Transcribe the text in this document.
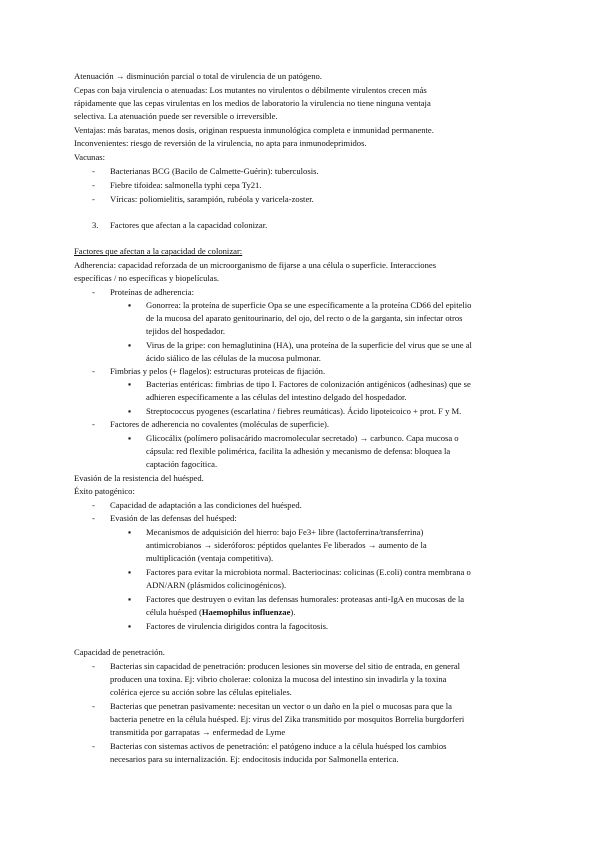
Atenuación → disminución parcial o total de virulencia de un patógeno.
Cepas con baja virulencia o atenuadas: Los mutantes no virulentos o débilmente virulentos crecen más
rápidamente que las cepas virulentas en los medios de laboratorio la virulencia no tiene ninguna ventaja
selectiva. La atenuación puede ser reversible o irreversible.
Ventajas: más baratas, menos dosis, originan respuesta inmunológica completa e inmunidad permanente.
Inconvenientes: riesgo de reversión de la virulencia, no apta para inmunodeprimidos.
Vacunas:
- Bacterianas BCG (Bacilo de Calmette-Guérin): tuberculosis.
- Fiebre tifoidea: salmonella typhi cepa Ty21.
- Víricas: poliomielitis, sarampión, rubéola y varicela-zoster.
3. Factores que afectan a la capacidad colonizar.
Factores que afectan a la capacidad de colonizar:
Adherencia: capacidad reforzada de un microorganismo de fijarse a una célula o superficie. Interacciones
específicas / no específicas y biopelículas.
- Proteínas de adherencia:
▪ Gonorrea: la proteína de superficie Opa se une específicamente a la proteína CD66 del epitelio
de la mucosa del aparato genitourinario, del ojo, del recto o de la garganta, sin infectar otros
tejidos del hospedador.
▪ Virus de la gripe: con hemaglutinina (HA), una proteína de la superficie del virus que se une al
ácido siálico de las células de la mucosa pulmonar.
- Fimbrias y pelos (+ flagelos): estructuras proteicas de fijación.
▪ Bacterias entéricas: fimbrias de tipo I. Factores de colonización antigénicos (adhesinas) que se
adhieren específicamente a las células del intestino delgado del hospedador.
▪ Streptococcus pyogenes (escarlatina / fiebres reumáticas). Ácido lipoteicoico + prot. F y M.
- Factores de adherencia no covalentes (moléculas de superficie).
▪ Glicocálix (polímero polisacárido macromolecular secretado) → carbunco. Capa mucosa o
cápsula: red flexible polimérica, facilita la adhesión y mecanismo de defensa: bloquea la
captación fagocítica.
Evasión de la resistencia del huésped.
Éxito patogénico:
- Capacidad de adaptación a las condiciones del huésped.
- Evasión de las defensas del huésped:
▪ Mecanismos de adquisición del hierro: bajo Fe3+ libre (lactoferrina/transferrina)
antimicrobianos → sideróforos: péptidos quelantes Fe liberados → aumento de la
multiplicación (ventaja competitiva).
▪ Factores para evitar la microbiota normal. Bacteriocinas: colicinas (E.coli) contra membrana o
ADN/ARN (plásmidos colicinogénicos).
▪ Factores que destruyen o evitan las defensas humorales: proteasas anti-IgA en mucosas de la
célula huésped (Haemophilus influenzae).
▪ Factores de virulencia dirigidos contra la fagocitosis.
Capacidad de penetración.
- Bacterias sin capacidad de penetración: producen lesiones sin moverse del sitio de entrada, en general
producen una toxina. Ej: vibrio cholerae: coloniza la mucosa del intestino sin invadirla y la toxina
colérica ejerce su acción sobre las células epiteliales.
- Bacterias que penetran pasivamente: necesitan un vector o un daño en la piel o mucosas para que la
bacteria penetre en la célula huésped. Ej: virus del Zika transmitido por mosquitos Borrelia burgdorferi
transmitida por garrapatas → enfermedad de Lyme
- Bacterias con sistemas activos de penetración: el patógeno induce a la célula huésped los cambios
necesarios para su internalización. Ej: endocitosis inducida por Salmonella enterica.
